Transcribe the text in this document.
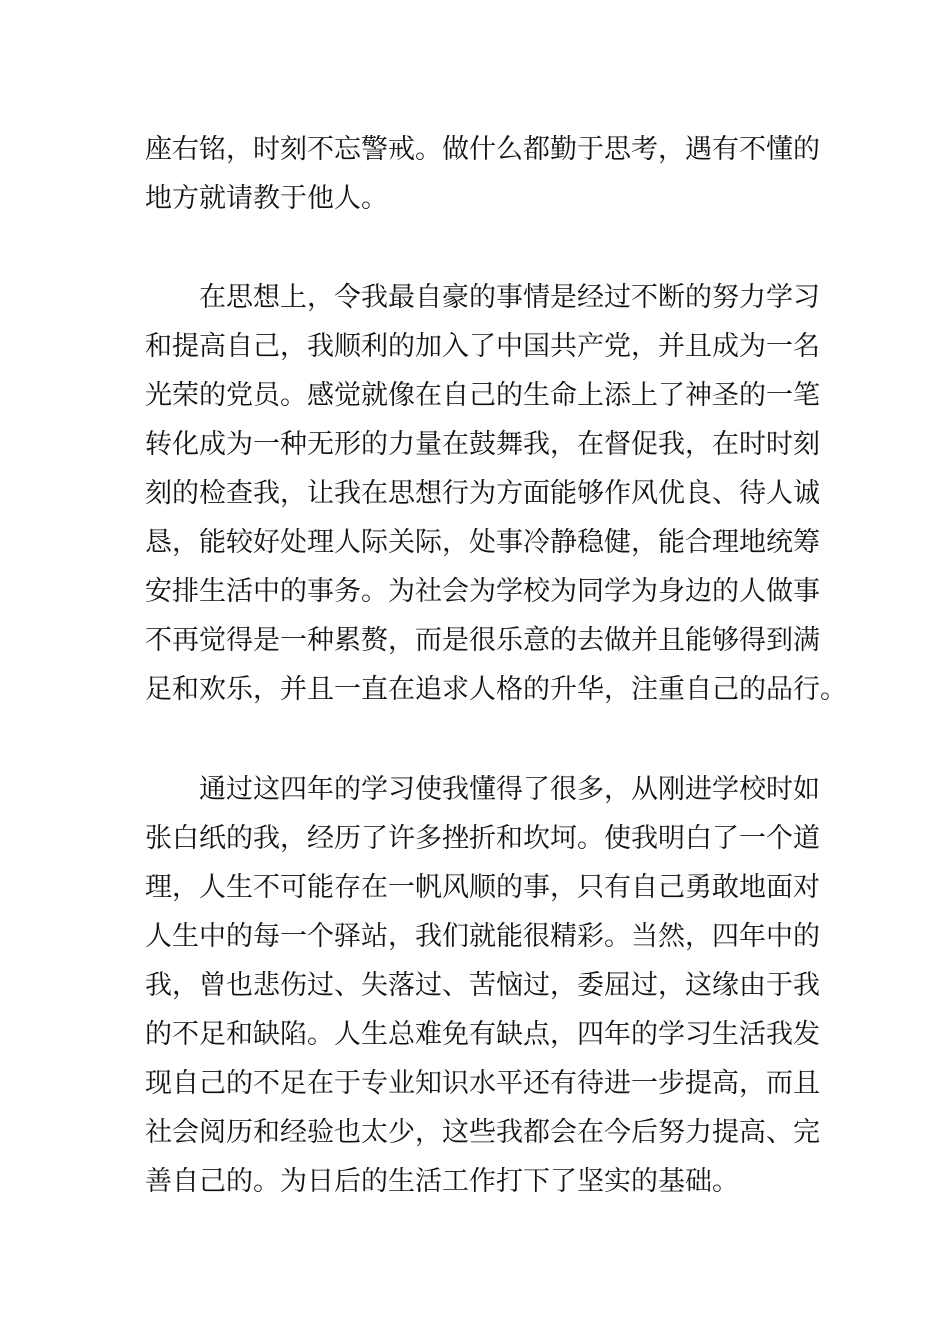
座右铭，时刻不忘警戒。做什么都勤于思考，遇有不懂的
地方就请教于他人。
在思想上，令我最自豪的事情是经过不断的努力学习
和提高自己，我顺利的加入了中国共产党，并且成为一名
光荣的党员。感觉就像在自己的生命上添上了神圣的一笔
转化成为一种无形的力量在鼓舞我，在督促我，在时时刻
刻的检查我，让我在思想行为方面能够作风优良、待人诚
恳，能较好处理人际关际，处事冷静稳健，能合理地统筹
安排生活中的事务。为社会为学校为同学为身边的人做事
不再觉得是一种累赘，而是很乐意的去做并且能够得到满
足和欢乐，并且一直在追求人格的升华，注重自己的品行。
通过这四年的学习使我懂得了很多，从刚进学校时如
张白纸的我，经历了许多挫折和坎坷。使我明白了一个道
理，人生不可能存在一帆风顺的事，只有自己勇敢地面对
人生中的每一个驿站，我们就能很精彩。当然，四年中的
我，曾也悲伤过、失落过、苦恼过，委屈过，这缘由于我
的不足和缺陷。人生总难免有缺点，四年的学习生活我发
现自己的不足在于专业知识水平还有待进一步提高，而且
社会阅历和经验也太少，这些我都会在今后努力提高、完
善自己的。为日后的生活工作打下了坚实的基础。
